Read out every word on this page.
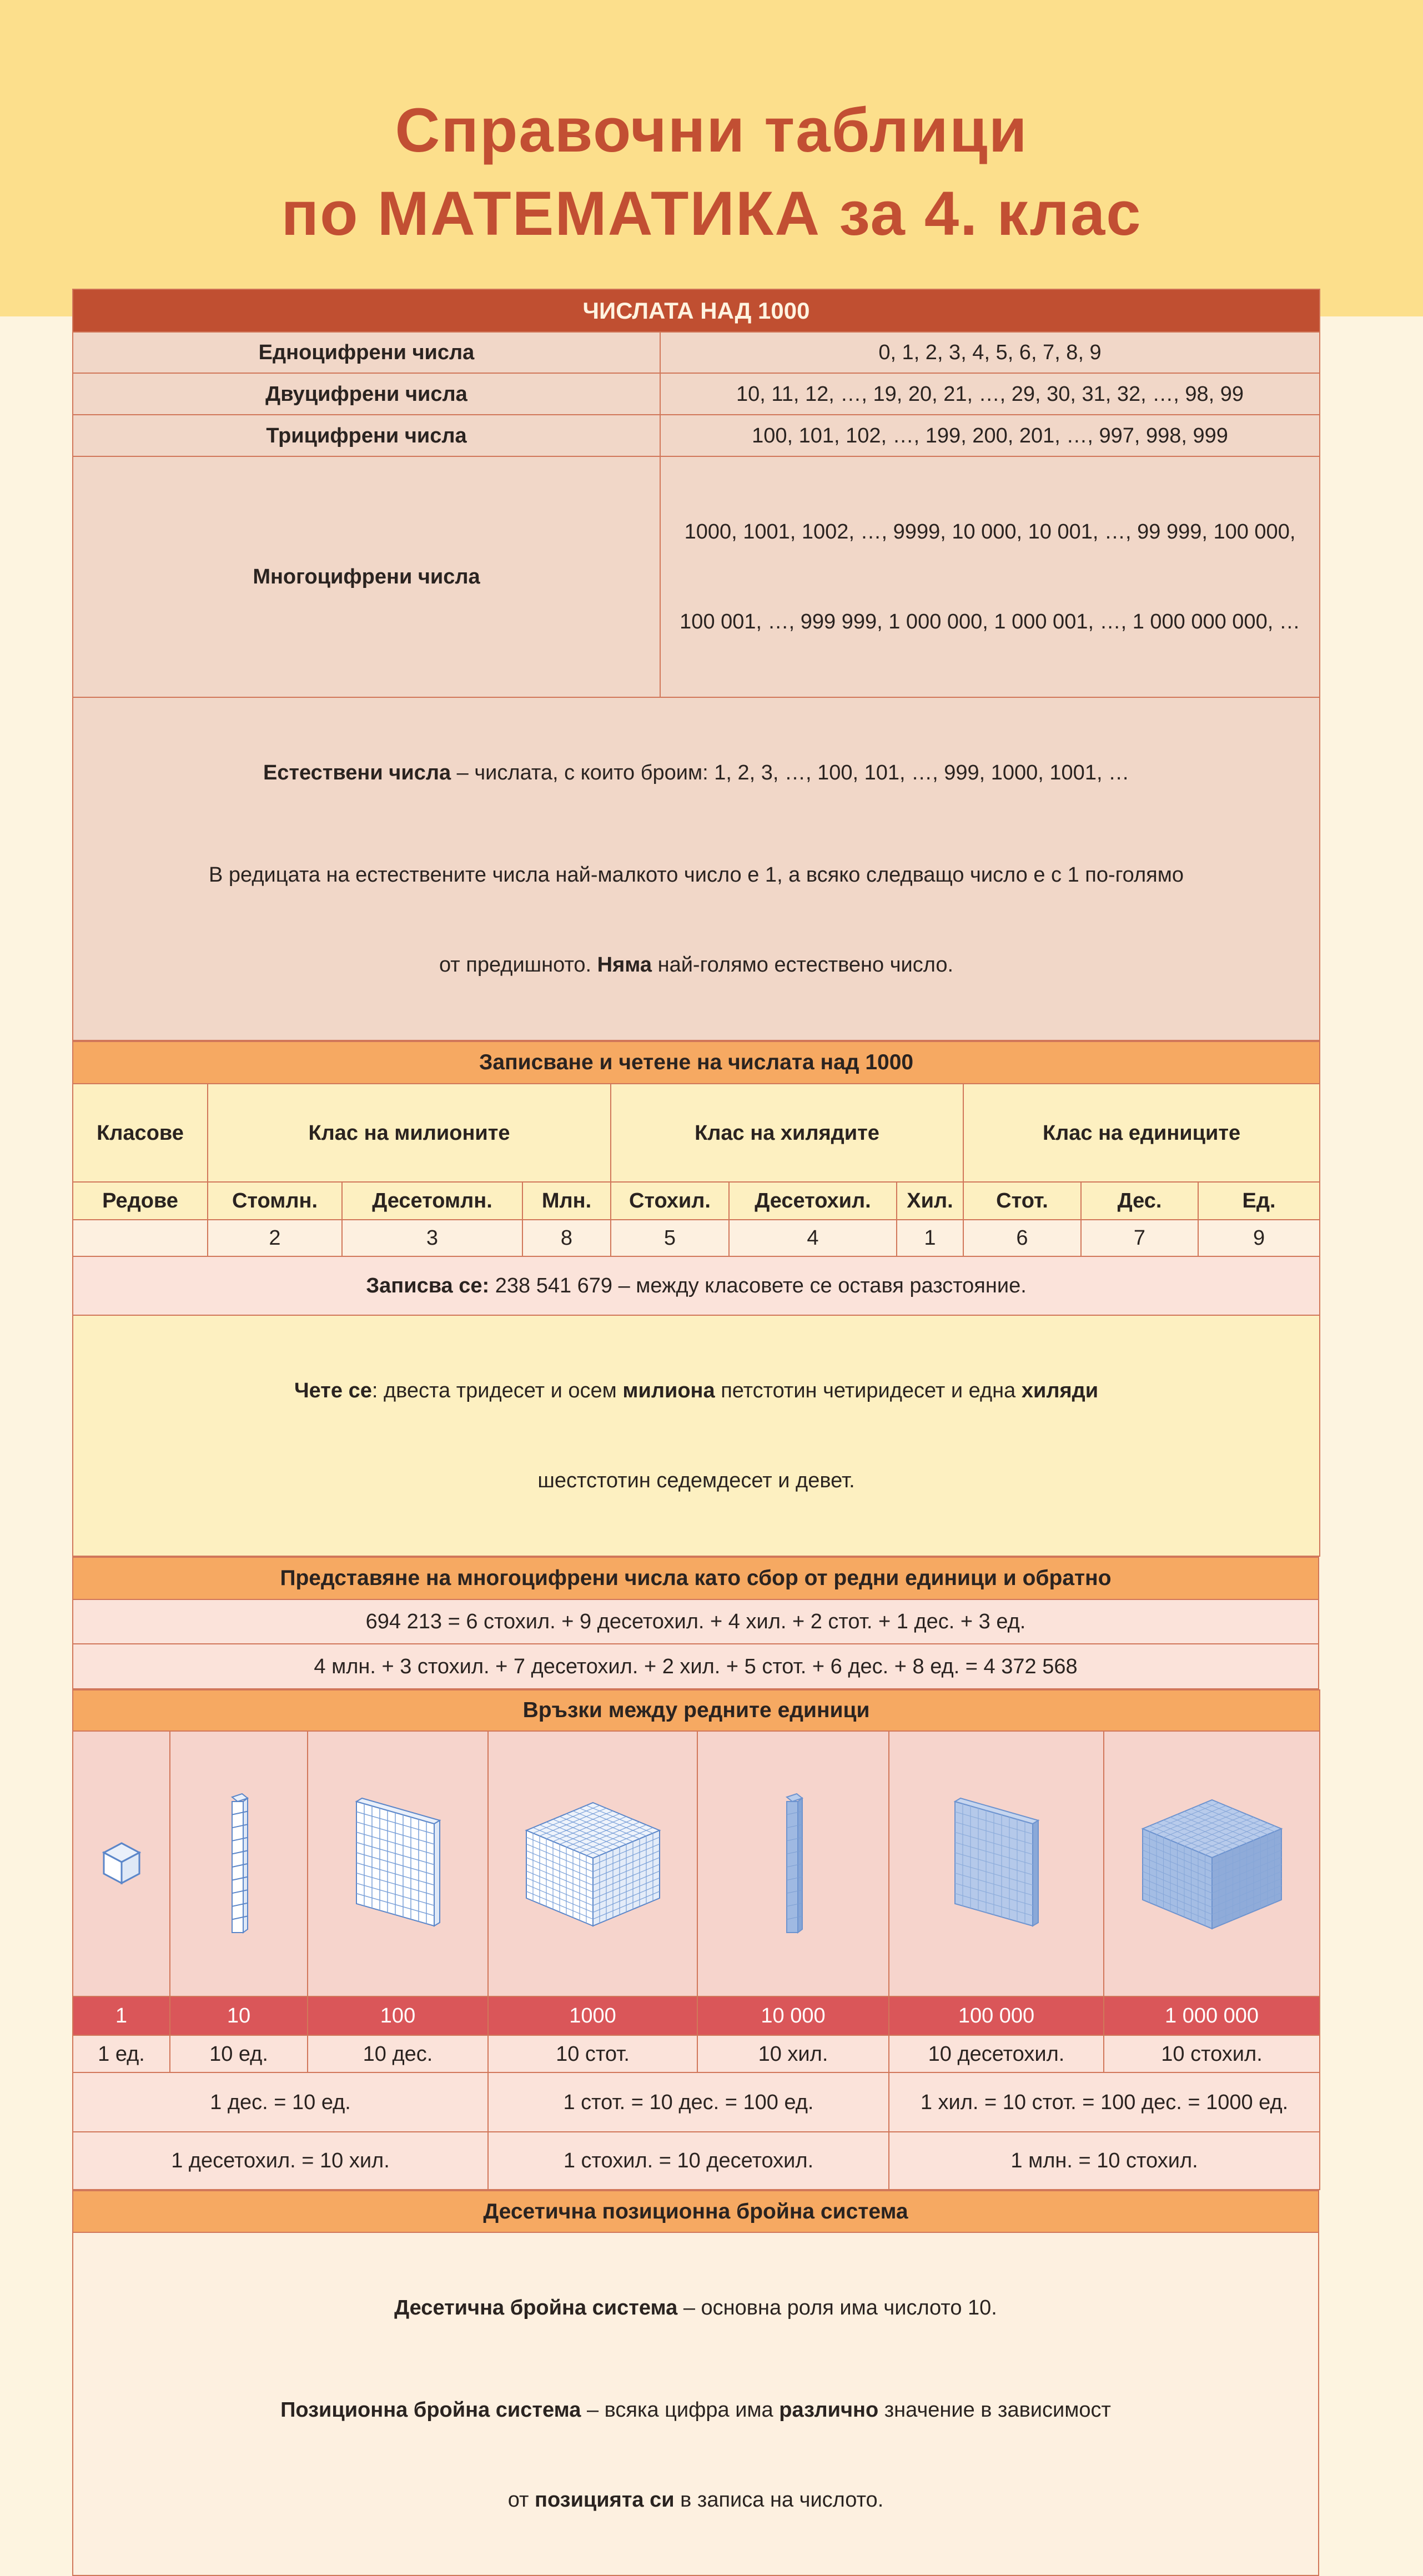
Справочни таблици
по МАТЕМАТИКА за 4. клас
ЧИСЛАТА НАД 1000	
Едноцифрени числа	0, 1, 2, 3, 4, 5, 6, 7, 8, 9
Двуцифрени числа	10, 11, 12, …, 19, 20, 21, …, 29, 30, 31, 32, …, 98, 99
Трицифрени числа	100, 101, 102, …, 199, 200, 201, …, 997, 998, 999
Многоцифрени числа	1000, 1001, 1002, …, 9999, 10 000, 10 001, …, 99 999, 100 000,

100 001, …, 999 999, 1 000 000, 1 000 001, …, 1 000 000 000, …

Естествени числа – числата, с които броим: 1, 2, 3, …, 100, 101, …, 999, 1000, 1001, …

В редицата на естествените числа най-малкото число е 1, а всяко следващо число е с 1 по-голямо

от предишното. Няма най-голямо естествено число.	

Записване и четене на числата над 1000									
Класове	Клас на милионите			Клас на хилядите			Клас на единиците		
Редове	Стомлн.	Десетомлн.	Млн.	Стохил.	Десетохил.	Хил.	Стот.	Дес.	Ед.
	2	3	8	5	4	1	6	7	9
Записва се: 238 541 679 – между класовете се оставя разстояние.									

Чете се: двеста тридесет и осем милиона петстотин четиридесет и една хиляди

шестстотин седемдесет и девет.									

Представяне на многоцифрени числа като сбор от редни единици и обратно
694 213 = 6 стохил. + 9 десетохил. + 4 хил. + 2 стот. + 1 дес. + 3 ед.
4 млн. + 3 стохил. + 7 десетохил. + 2 хил. + 5 стот. + 6 дес. + 8 ед. = 4 372 568
Връзки между редните единици						

1	10	100	1000	10 000	100 000	1 000 000
1 ед.	10 ед.	10 дес.	10 стот.	10 хил.	10 десетохил.	10 стохил.
1 дес. = 10 ед.			1 стот. = 10 дес. = 100 ед.		1 хил. = 10 стот. = 100 дес. = 1000 ед.	
1 десетохил. = 10 хил.			1 стохил. = 10 десетохил.		1 млн. = 10 стохил.	
Десетична позиционна бройна система

Десетична бройна система – основна роля има числото 10.

Позиционна бройна система – всяка цифра има различно значение в зависимост

от позицията си в записа на числото.
